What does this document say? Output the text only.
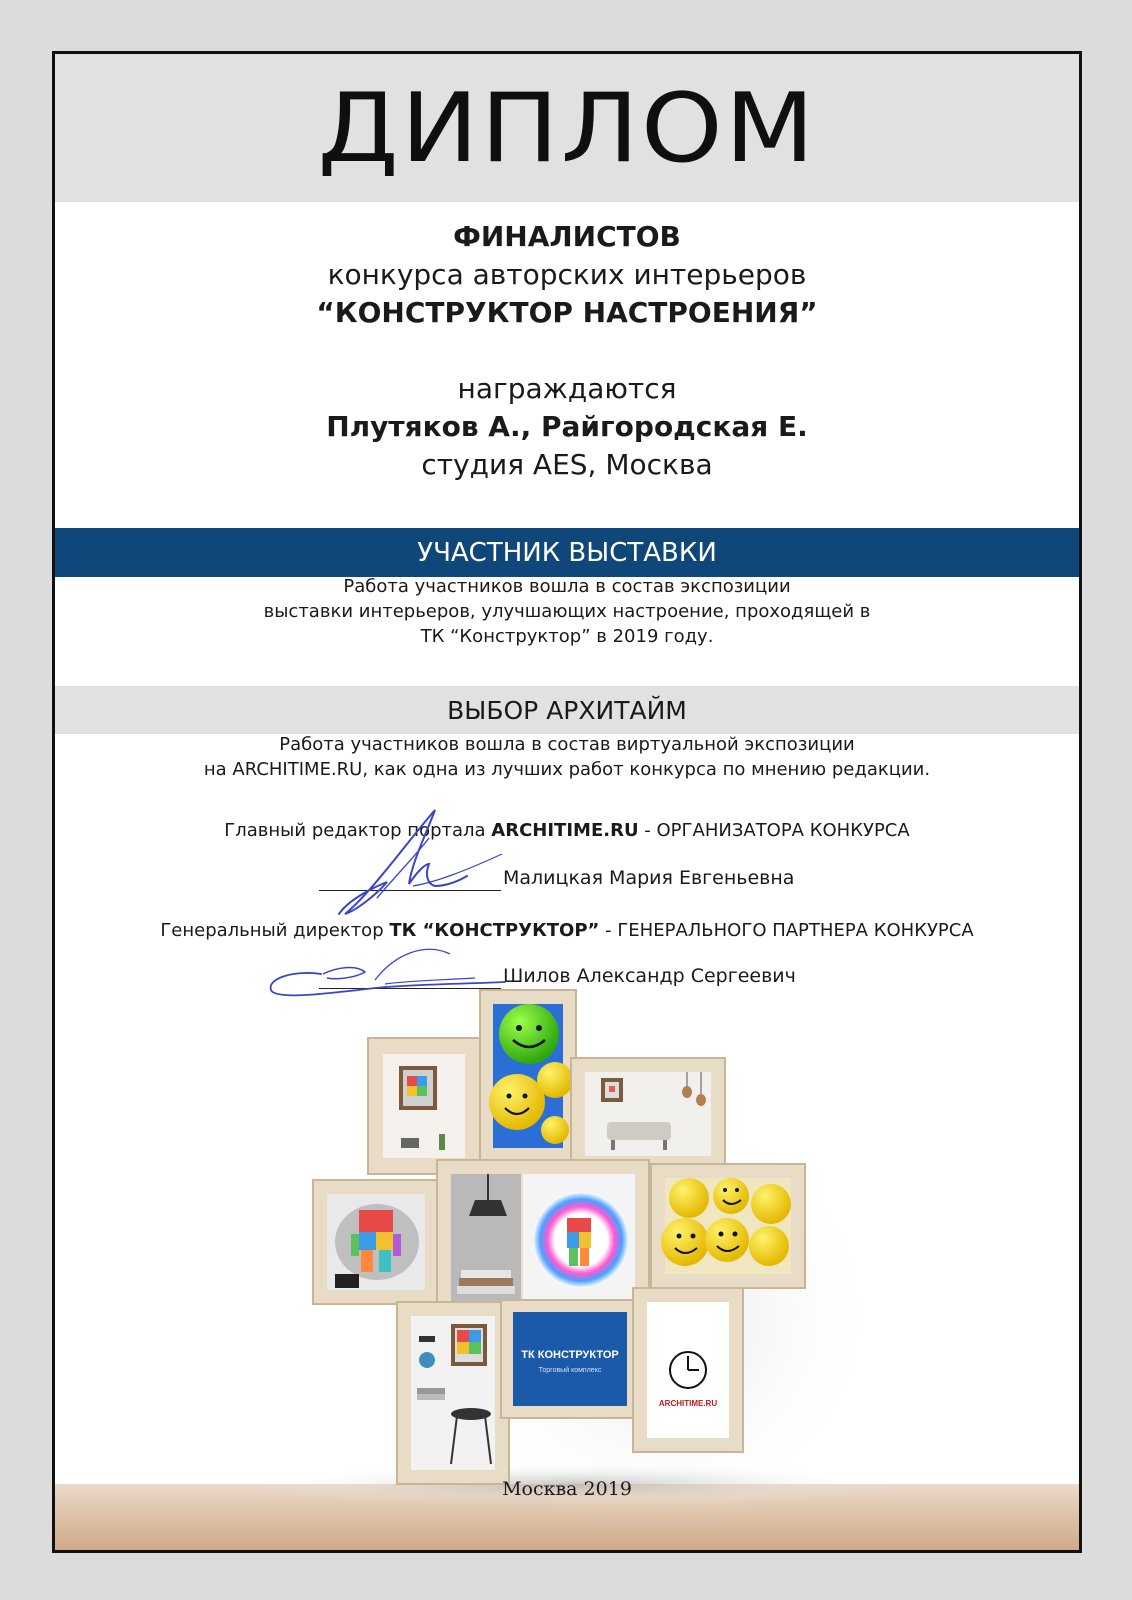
ДИПЛОМ
ФИНАЛИСТОВ
конкурса авторских интерьеров
“КОНСТРУКТОР НАСТРОЕНИЯ”
награждаются
Плутяков А., Райгородская Е.
студия AES, Москва
УЧАСТНИК ВЫСТАВКИ
Работа участников вошла в состав экспозиции
выставки интерьеров, улучшающих настроение, проходящей в
ТК “Конструктор” в 2019 году.
ВЫБОР АРХИТАЙМ
Работа участников вошла в состав виртуальной экспозиции
на ARCHITIME.RU, как одна из лучших работ конкурса по мнению редакции.
Главный редактор портала ARCHITIME.RU - ОРГАНИЗАТОРА КОНКУРСА
Малицкая Мария Евгеньевна
Генеральный директор ТК “КОНСТРУКТОР” - ГЕНЕРАЛЬНОГО ПАРТНЕРА КОНКУРСА
Шилов Александр Сергеевич
ТК КОНСТРУКТОР
Торговый комплекс
ARCHITIME.RU
Москва 2019
